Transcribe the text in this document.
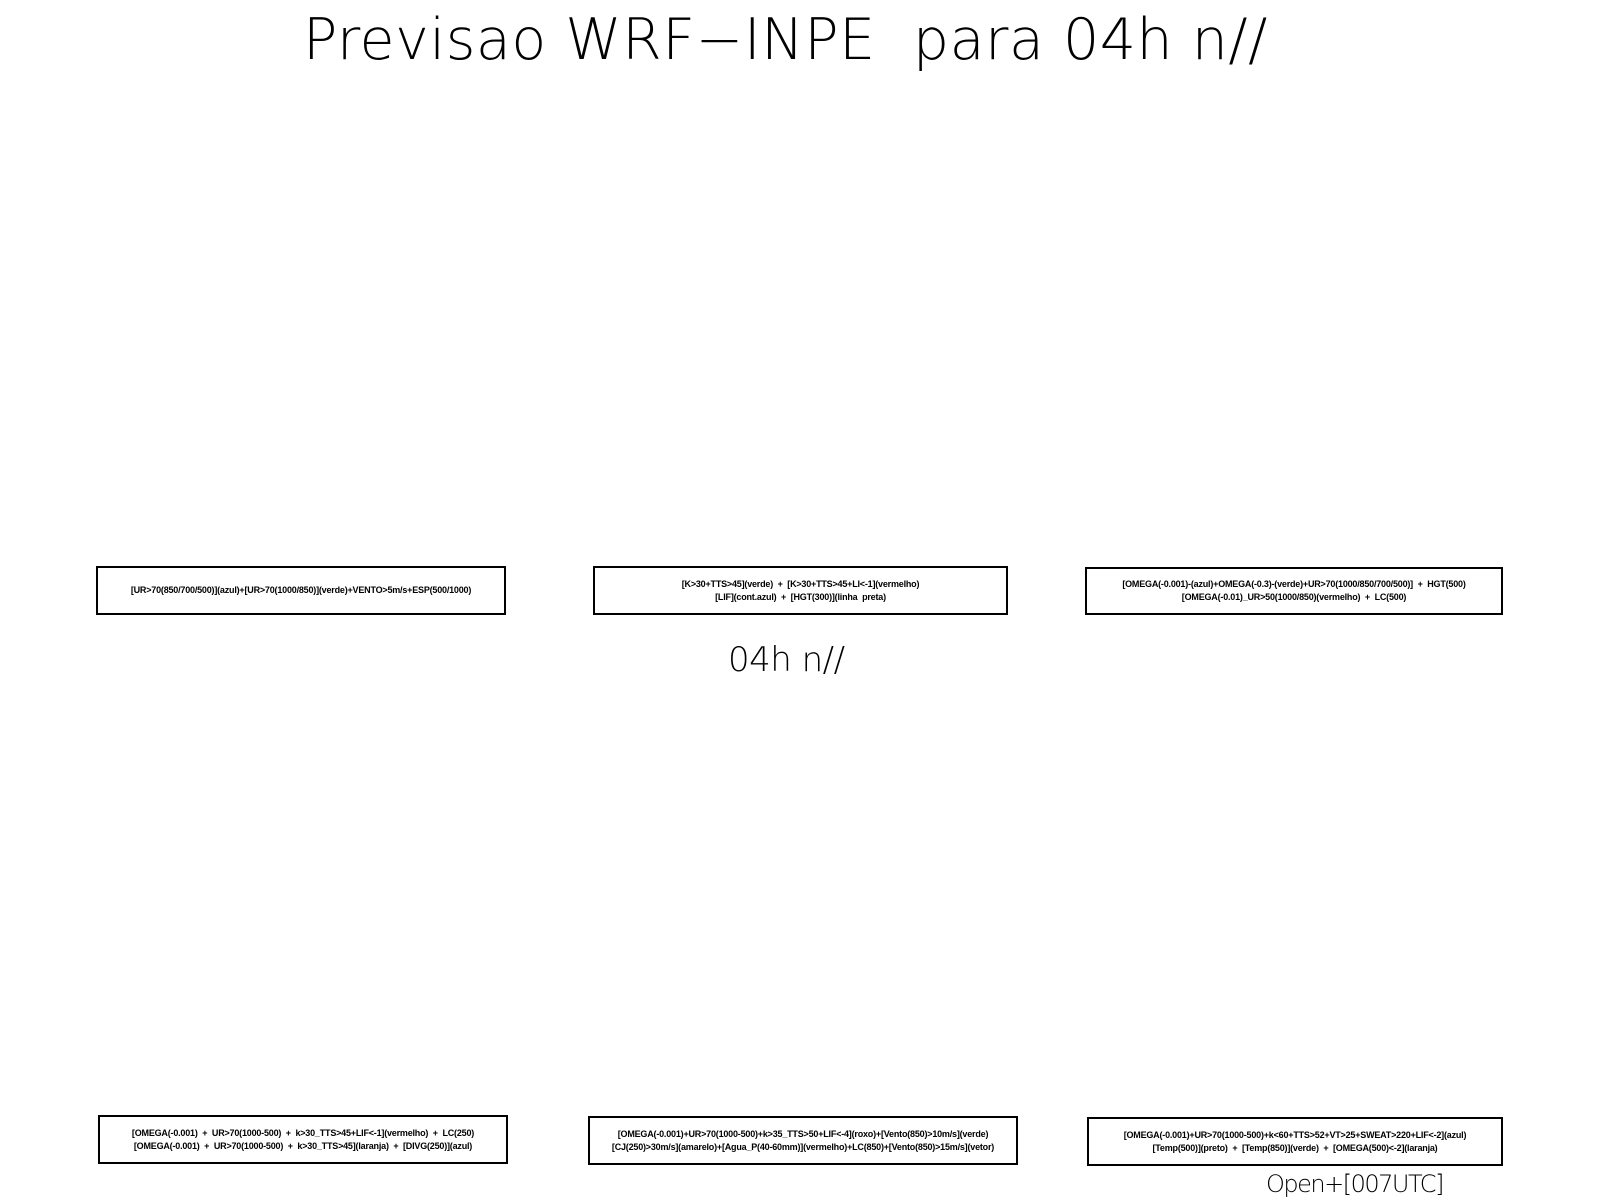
Previsao WRF−INPE  para 04h n//
[UR>70(850/700/500)](azul)+[UR>70(1000/850)](verde)+VENTO>5m/s+ESP(500/1000)
[K>30+TTS>45](verde)  +  [K>30+TTS>45+LI<-1](vermelho)
[LIF](cont.azul)  +  [HGT(300)](linha  preta)
[OMEGA(-0.001)-(azul)+OMEGA(-0.3)-(verde)+UR>70(1000/850/700/500)]  +  HGT(500)
[OMEGA(-0.01)_UR>50(1000/850)(vermelho)  +  LC(500)
04h n//
[OMEGA(-0.001)  +  UR>70(1000-500)  +  k>30_TTS>45+LIF<-1](vermelho)  +  LC(250)
[OMEGA(-0.001)  +  UR>70(1000-500)  +  k>30_TTS>45](laranja)  +  [DIVG(250)](azul)
[OMEGA(-0.001)+UR>70(1000-500)+k>35_TTS>50+LIF<-4](roxo)+[Vento(850)>10m/s](verde)
[CJ(250)>30m/s](amarelo)+[Agua_P(40-60mm)](vermelho)+LC(850)+[Vento(850)>15m/s](vetor)
[OMEGA(-0.001)+UR>70(1000-500)+k<60+TTS>52+VT>25+SWEAT>220+LIF<-2](azul)
[Temp(500)](preto)  +  [Temp(850)](verde)  +  [OMEGA(500)<-2](laranja)
Open+[007UTC]
